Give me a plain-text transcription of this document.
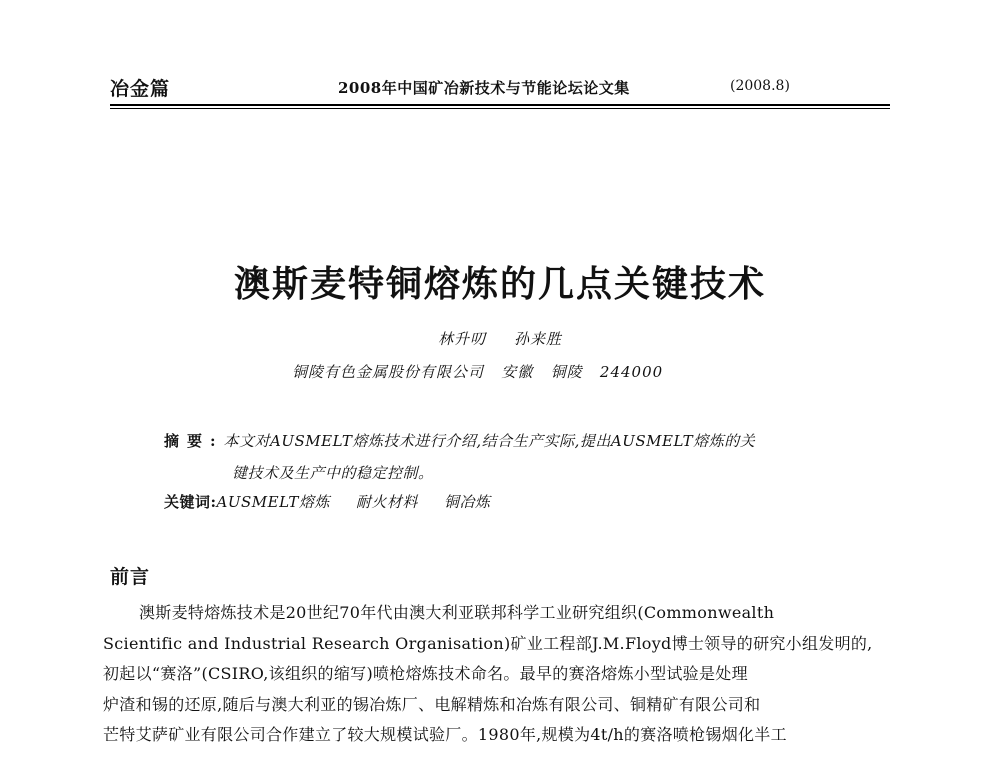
冶金篇	2008年中国矿冶新技术与节能论坛论文集	(2008.8)
澳斯麦特铜熔炼的几点关键技术
林升叨 孙来胜
铜陵有色金属股份有限公司   安徽   铜陵   244000
摘要:本文对AUSMELT熔炼技术进行介绍,结合生产实际,提出AUSMELT熔炼的关
键技术及生产中的稳定控制。
关键词:AUSMELT熔炼 耐火材料 铜冶炼
前言
澳斯麦特熔炼技术是20世纪70年代由澳大利亚联邦科学工业研究组织(Commonwealth
Scientific and Industrial Research Organisation)矿业工程部J.M.Floyd博士领导的研究小组发明的,
初起以“赛洛”(CSIRO,该组织的缩写)喷枪熔炼技术命名。最早的赛洛熔炼小型试验是处理
炉渣和锡的还原,随后与澳大利亚的锡冶炼厂、电解精炼和冶炼有限公司、铜精矿有限公司和
芒特艾萨矿业有限公司合作建立了较大规模试验厂。1980年,规模为4t/h的赛洛喷枪锡烟化半工
